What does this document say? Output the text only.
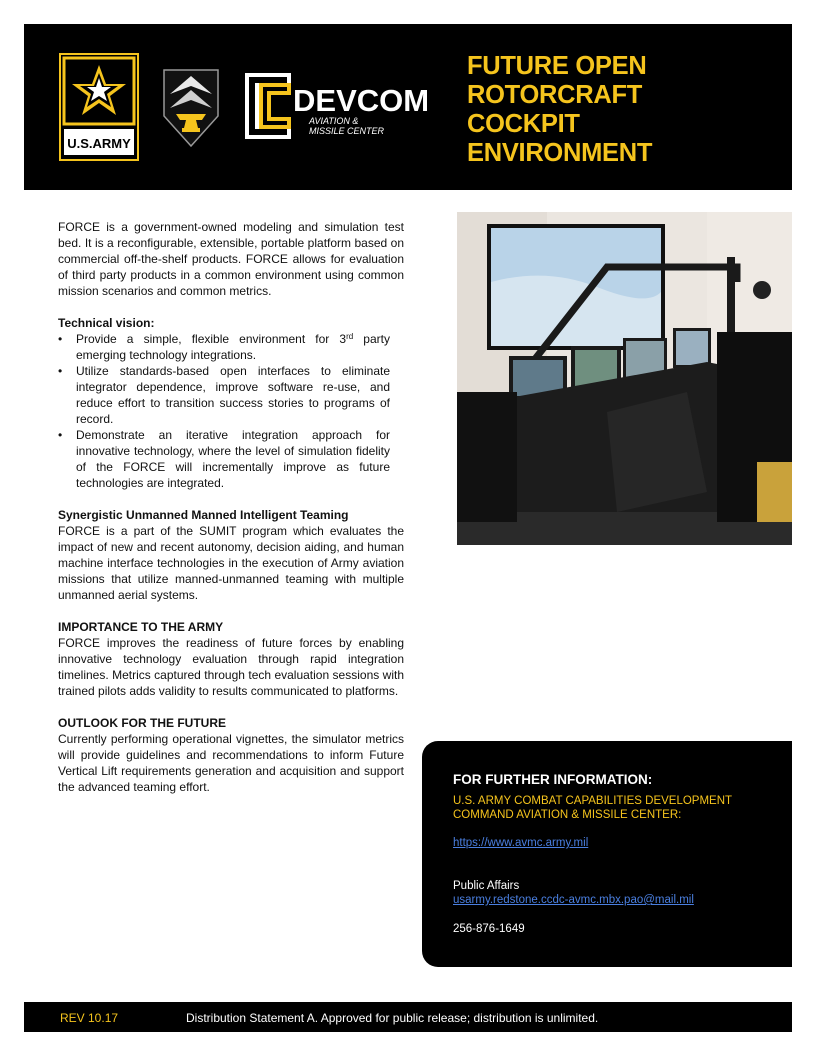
U.S.ARMY
DEVCOM
AVIATION &
MISSILE CENTER
FUTURE OPEN
ROTORCRAFT
COCKPIT
ENVIRONMENT

FORCE is a government-owned modeling and simulation test bed. It is a reconfigurable, extensible, portable platform based on commercial off-the-shelf products. FORCE allows for evaluation of third party products in a common environment using common mission scenarios and common metrics.

Technical vision:

• Provide a simple, flexible environment for 3rd party emerging technology integrations.
• Utilize standards-based open interfaces to eliminate integrator dependence, improve software re-use, and reduce effort to transition success stories to programs of record.
• Demonstrate an iterative integration approach for innovative technology, where the level of simulation fidelity of the FORCE will incrementally improve as future technologies are integrated.

Synergistic Unmanned Manned Intelligent Teaming

FORCE is a part of the SUMIT program which evaluates the impact of new and recent autonomy, decision aiding, and human machine interface technologies in the execution of Army aviation missions that utilize manned-unmanned teaming with multiple unmanned aerial systems.

IMPORTANCE TO THE ARMY

FORCE improves the readiness of future forces by enabling innovative technology evaluation through rapid integration timelines. Metrics captured through tech evaluation sessions with trained pilots adds validity to results communicated to platforms.

OUTLOOK FOR THE FUTURE

Currently performing operational vignettes, the simulator metrics will provide guidelines and recommendations to inform Future Vertical Lift requirements generation and acquisition and support the advanced teaming effort.	FOR FURTHER INFORMATION:
U.S. ARMY COMBAT CAPABILITIES DEVELOPMENT COMMAND AVIATION & MISSILE CENTER:
https://www.avmc.army.mil
Public Affairs
usarmy.redstone.ccdc-avmc.mbx.pao@mail.mil
256-876-1649
REV 10.17	Distribution Statement A. Approved for public release; distribution is unlimited.
